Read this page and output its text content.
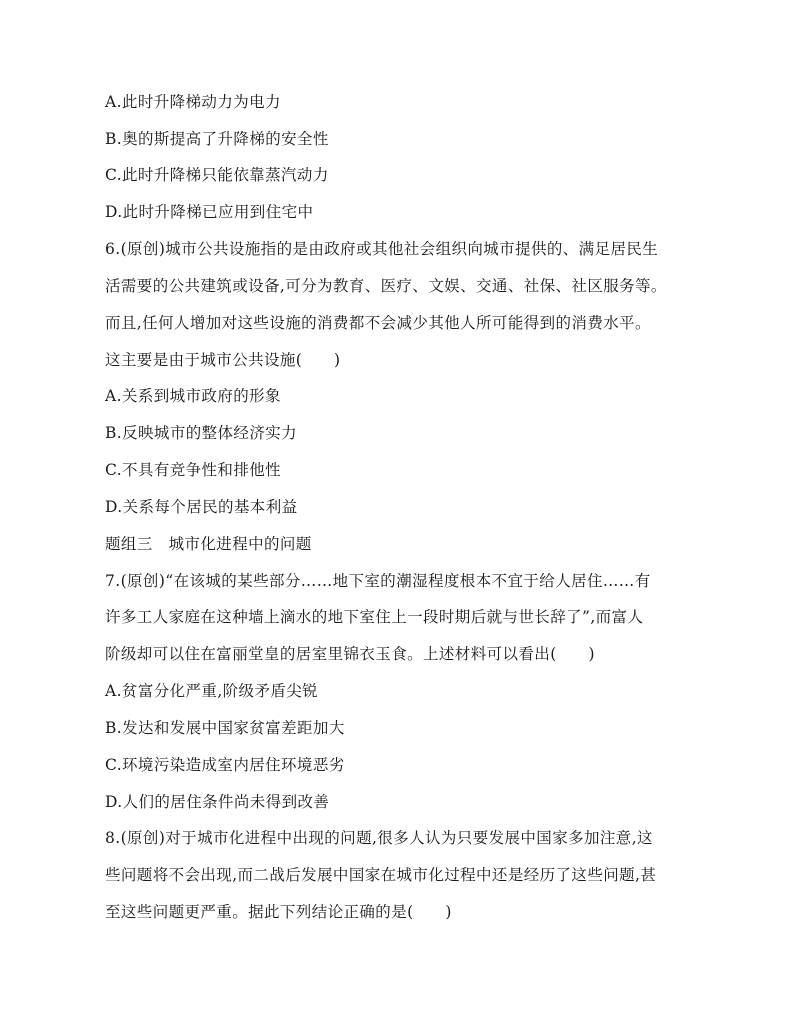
A.此时升降梯动力为电力
B.奥的斯提高了升降梯的安全性
C.此时升降梯只能依靠蒸汽动力
D.此时升降梯已应用到住宅中
6.(原创)城市公共设施指的是由政府或其他社会组织向城市提供的、满足居民生
活需要的公共建筑或设备,可分为教育、医疗、文娱、交通、社保、社区服务等。
而且,任何人增加对这些设施的消费都不会减少其他人所可能得到的消费水平。
这主要是由于城市公共设施(　　)
A.关系到城市政府的形象
B.反映城市的整体经济实力
C.不具有竞争性和排他性
D.关系每个居民的基本利益
题组三　城市化进程中的问题
7.(原创)“在该城的某些部分……地下室的潮湿程度根本不宜于给人居住……有
许多工人家庭在这种墙上滴水的地下室住上一段时期后就与世长辞了”,而富人
阶级却可以住在富丽堂皇的居室里锦衣玉食。上述材料可以看出(　　)
A.贫富分化严重,阶级矛盾尖锐
B.发达和发展中国家贫富差距加大
C.环境污染造成室内居住环境恶劣
D.人们的居住条件尚未得到改善
8.(原创)对于城市化进程中出现的问题,很多人认为只要发展中国家多加注意,这
些问题将不会出现,而二战后发展中国家在城市化过程中还是经历了这些问题,甚
至这些问题更严重。据此下列结论正确的是(　　)
